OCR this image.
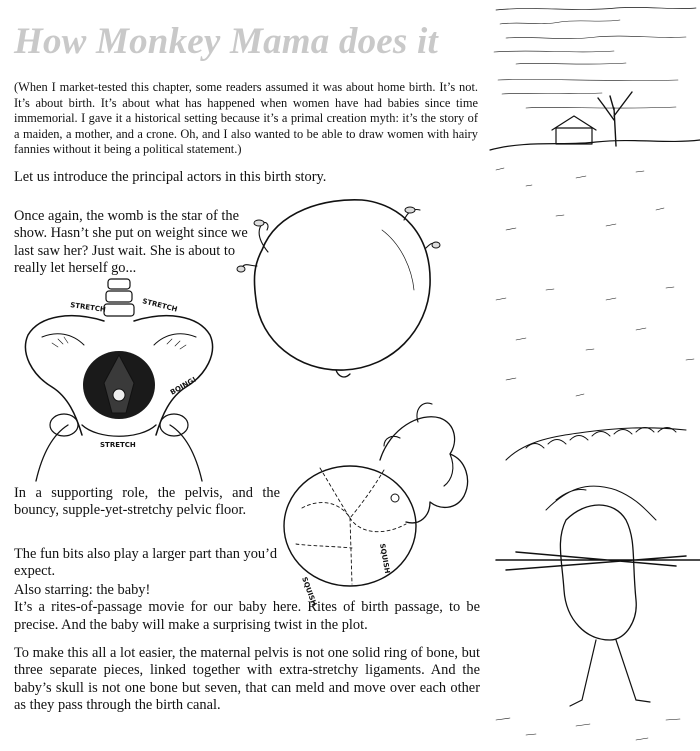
How Monkey Mama does it

(When I market-tested this chapter, some readers assumed it was about home birth. It’s not. It’s about birth. It’s about what has happened when women have had babies since time immemorial. I gave it a historical setting because it’s a primal creation myth: it’s the story of a maiden, a mother, and a crone. Oh, and I also wanted to be able to draw women with hairy fannies without it being a political statement.)

Let us introduce the principal actors in this birth story.

Once again, the womb is the star of the show. Hasn’t she put on weight since we last saw her? Just wait. She is about to really let herself go...

In a supporting role, the pelvis, and the bouncy, supple-yet-stretchy pelvic floor.

The fun bits also play a larger part than you’d expect.

Also starring: the baby!
It’s a rites-of-passage movie for our baby here. Rites of birth passage, to be precise. And the baby will make a surprising twist in the plot.

To make this all a lot easier, the maternal pelvis is not one solid ring of bone, but three separate pieces, linked together with extra-stretchy ligaments. And the baby’s skull is not one bone but seven, that can meld and move over each other as they pass through the birth canal.

STRETCH	STRETCH
BOING!
STRETCH
SQUISH
SQUISH
